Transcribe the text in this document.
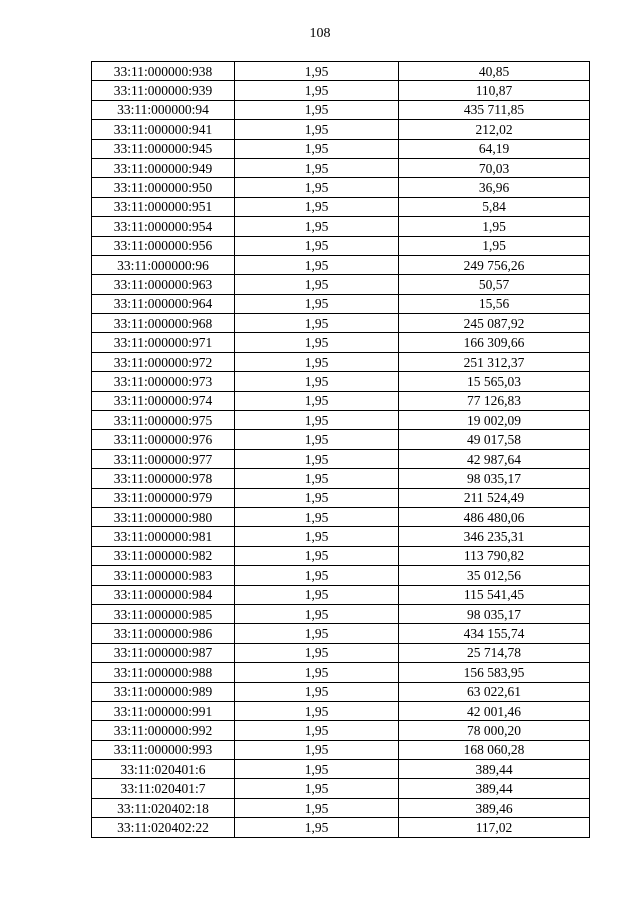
108
33:11:000000:938	1,95	40,85
33:11:000000:939	1,95	110,87
33:11:000000:94	1,95	435 711,85
33:11:000000:941	1,95	212,02
33:11:000000:945	1,95	64,19
33:11:000000:949	1,95	70,03
33:11:000000:950	1,95	36,96
33:11:000000:951	1,95	5,84
33:11:000000:954	1,95	1,95
33:11:000000:956	1,95	1,95
33:11:000000:96	1,95	249 756,26
33:11:000000:963	1,95	50,57
33:11:000000:964	1,95	15,56
33:11:000000:968	1,95	245 087,92
33:11:000000:971	1,95	166 309,66
33:11:000000:972	1,95	251 312,37
33:11:000000:973	1,95	15 565,03
33:11:000000:974	1,95	77 126,83
33:11:000000:975	1,95	19 002,09
33:11:000000:976	1,95	49 017,58
33:11:000000:977	1,95	42 987,64
33:11:000000:978	1,95	98 035,17
33:11:000000:979	1,95	211 524,49
33:11:000000:980	1,95	486 480,06
33:11:000000:981	1,95	346 235,31
33:11:000000:982	1,95	113 790,82
33:11:000000:983	1,95	35 012,56
33:11:000000:984	1,95	115 541,45
33:11:000000:985	1,95	98 035,17
33:11:000000:986	1,95	434 155,74
33:11:000000:987	1,95	25 714,78
33:11:000000:988	1,95	156 583,95
33:11:000000:989	1,95	63 022,61
33:11:000000:991	1,95	42 001,46
33:11:000000:992	1,95	78 000,20
33:11:000000:993	1,95	168 060,28
33:11:020401:6	1,95	389,44
33:11:020401:7	1,95	389,44
33:11:020402:18	1,95	389,46
33:11:020402:22	1,95	117,02
